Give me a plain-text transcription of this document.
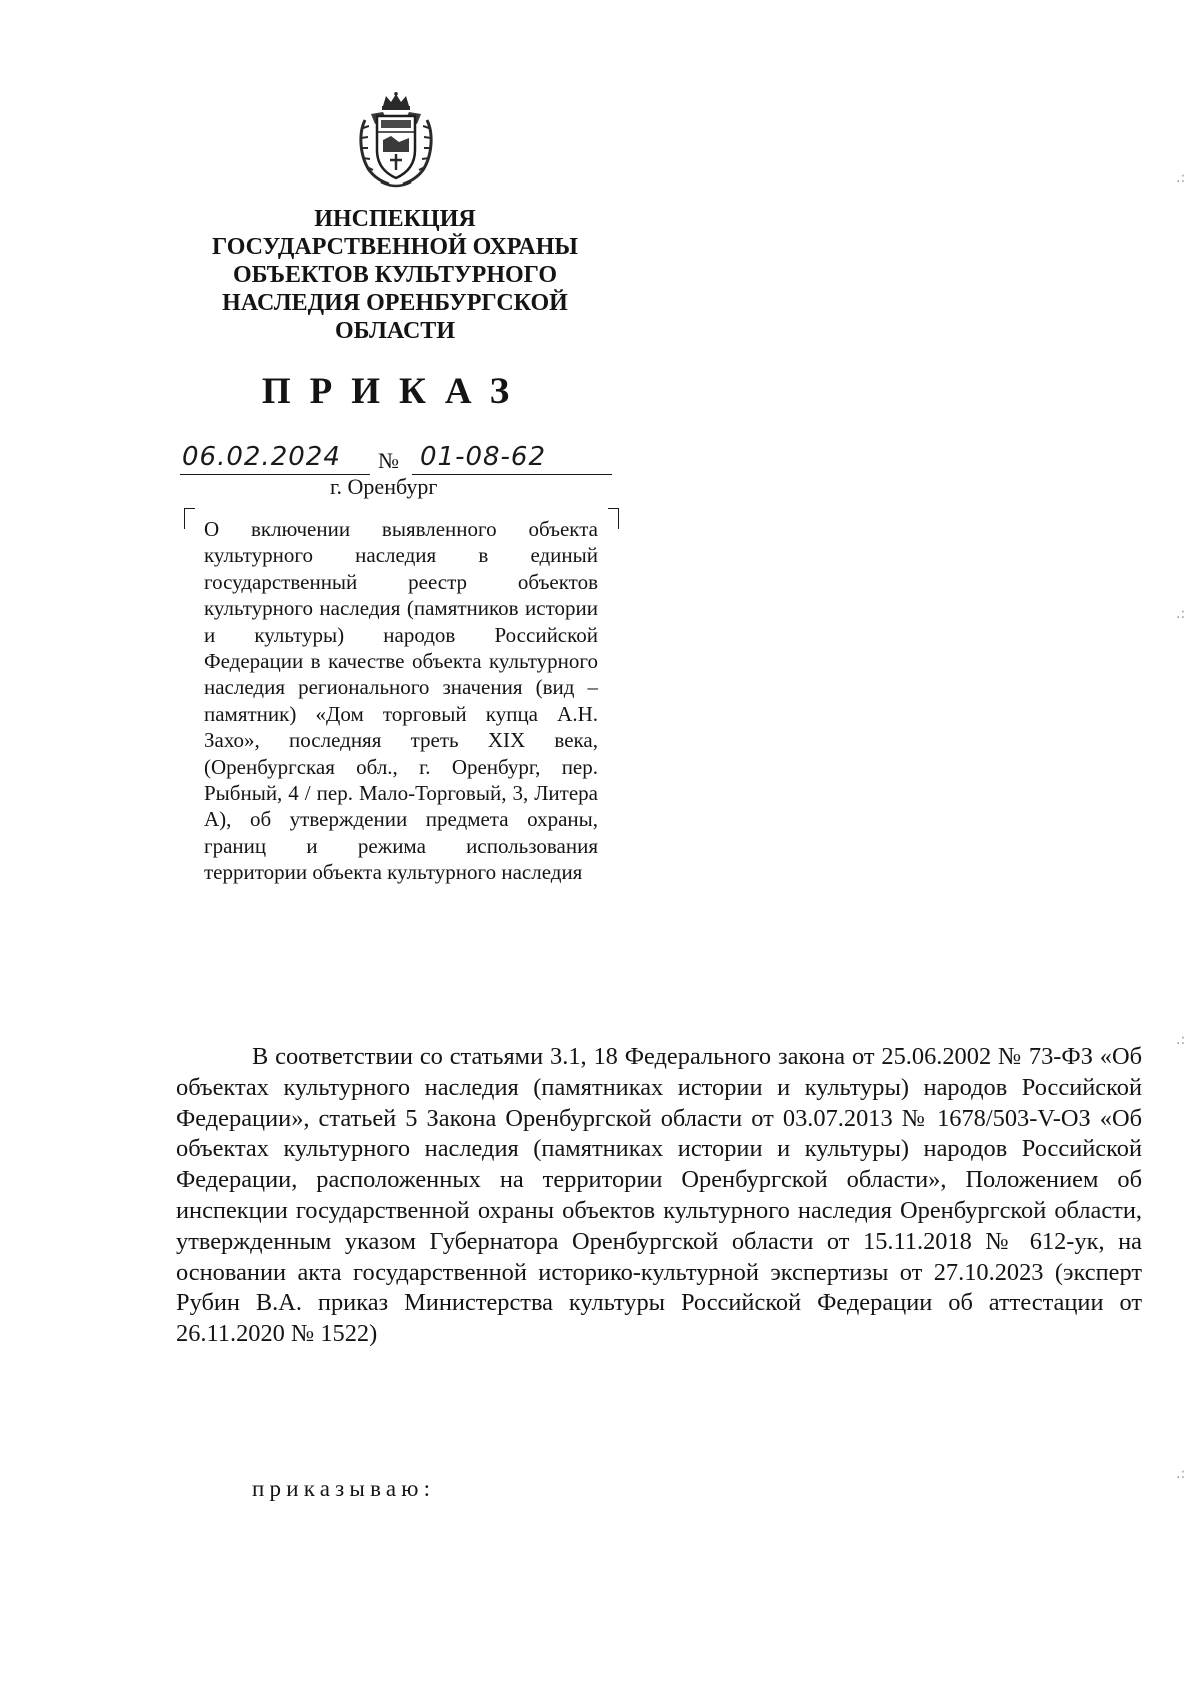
ИНСПЕКЦИЯ
ГОСУДАРСТВЕННОЙ ОХРАНЫ
ОБЪЕКТОВ КУЛЬТУРНОГО
НАСЛЕДИЯ ОРЕНБУРГСКОЙ
ОБЛАСТИ
ПРИКАЗ
06.02.2024	№ 01-08-62
г. Оренбург
О включении выявленного объекта культурного наследия в единый государственный реестр объектов культурного наследия (памятников истории и культуры) народов Российской Федерации в качестве объекта культурного наследия регионального значения (вид – памятник) «Дом торговый купца А.Н. Захо», последняя треть XIX века, (Оренбургская обл., г. Оренбург, пер. Рыбный, 4 / пер. Мало-Торговый, 3, Литера А), об утверждении предмета охраны, границ и режима использования территории объекта культурного наследия
В соответствии со статьями 3.1, 18 Федерального закона от 25.06.2002 № 73-ФЗ «Об объектах культурного наследия (памятниках истории и культуры) народов Российской Федерации», статьей 5 Закона Оренбургской области от 03.07.2013 № 1678/503-V-ОЗ «Об объектах культурного наследия (памятниках истории и культуры) народов Российской Федерации, расположенных на территории Оренбургской области», Положением об инспекции государственной охраны объектов культурного наследия Оренбургской области, утвержденным указом Губернатора Оренбургской области от 15.11.2018 № 612-ук, на основании акта государственной историко-культурной экспертизы от 27.10.2023 (эксперт Рубин В.А. приказ Министерства культуры Российской Федерации об аттестации от 26.11.2020 № 1522)
приказываю:
.:
.:
.:
.:
